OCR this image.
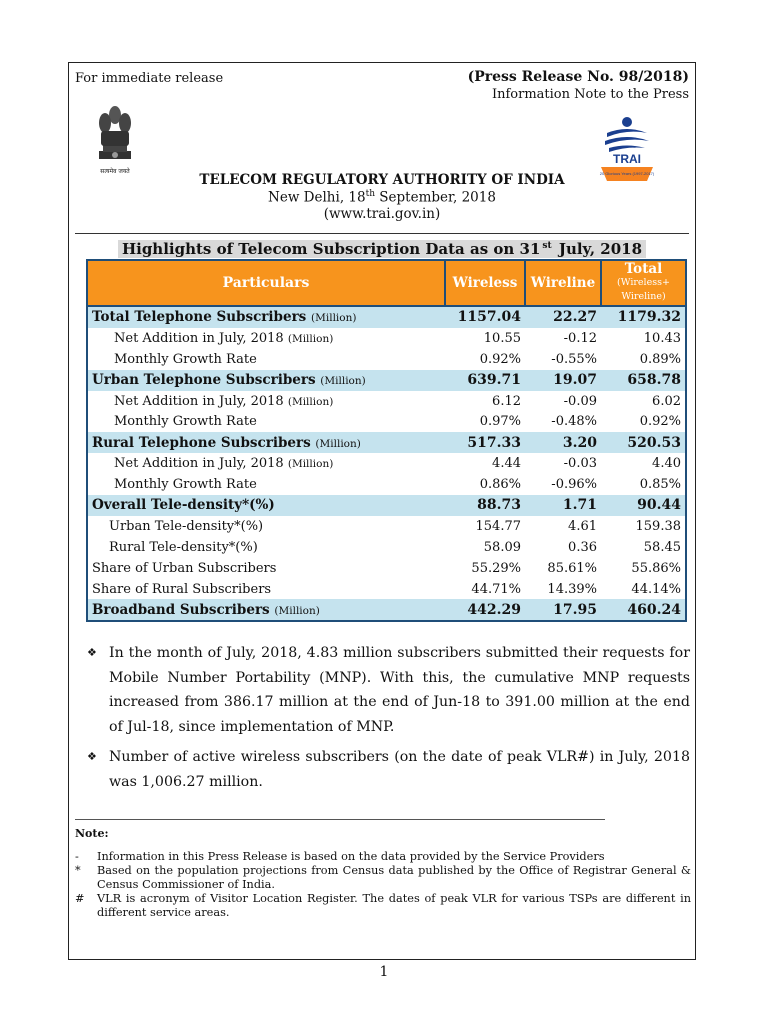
For immediate release	(Press Release No. 98/2018)
Information Note to the Press
सत्यमेव जयते
TRAI
20 Glorious Years (1997-2017)
TELECOM REGULATORY AUTHORITY OF INDIA
New Delhi, 18th September, 2018
(www.trai.gov.in)
Highlights of Telecom Subscription Data as on 31 $^{st}$ July, 2018
Particulars	Wireless	Wireline	Total
(Wireless+ Wireline)
Total Telephone Subscribers (Million)	1157.04	22.27	1179.32
Net Addition in July, 2018 (Million)	10.55	-0.12	10.43
Monthly Growth Rate	0.92%	-0.55%	0.89%
Urban Telephone Subscribers (Million)	639.71	19.07	658.78
Net Addition in July, 2018 (Million)	6.12	-0.09	6.02
Monthly Growth Rate	0.97%	-0.48%	0.92%
Rural Telephone Subscribers (Million)	517.33	3.20	520.53
Net Addition in July, 2018 (Million)	4.44	-0.03	4.40
Monthly Growth Rate	0.86%	-0.96%	0.85%
Overall Tele-density*(%)	88.73	1.71	90.44
Urban Tele-density*(%)	154.77	4.61	159.38
Rural Tele-density*(%)	58.09	0.36	58.45
Share of Urban Subscribers	55.29%	85.61%	55.86%
Share of Rural Subscribers	44.71%	14.39%	44.14%
Broadband Subscribers (Million)	442.29	17.95	460.24
❖ In the month of July, 2018, 4.83 million subscribers submitted their requests for Mobile Number Portability (MNP). With this, the cumulative MNP requests increased from 386.17 million at the end of Jun-18 to 391.00 million at the end of Jul-18, since implementation of MNP.
❖ Number of active wireless subscribers (on the date of peak VLR#) in July, 2018 was 1,006.27 million.
Note:
- Information in this Press Release is based on the data provided by the Service Providers
* Based on the population projections from Census data published by the Office of Registrar General & Census Commissioner of India.
# VLR is acronym of Visitor Location Register. The dates of peak VLR for various TSPs are different in different service areas.
1
